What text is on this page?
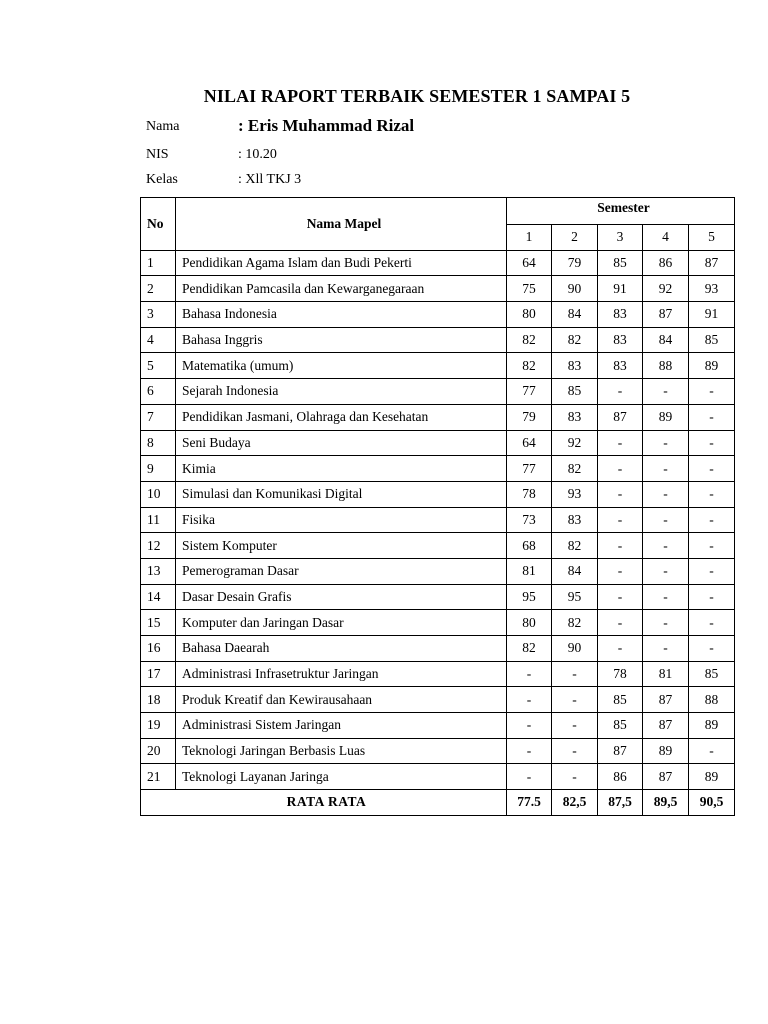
NILAI RAPORT TERBAIK SEMESTER 1 SAMPAI 5
Nama	: Eris Muhammad Rizal
NIS	: 10.20
Kelas	: Xll TKJ 3
No	Nama Mapel	Semester				
		1	2	3	4	5
1	Pendidikan Agama Islam dan Budi Pekerti	64	79	85	86	87
2	Pendidikan Pamcasila dan Kewarganegaraan	75	90	91	92	93
3	Bahasa Indonesia	80	84	83	87	91
4	Bahasa Inggris	82	82	83	84	85
5	Matematika (umum)	82	83	83	88	89
6	Sejarah Indonesia	77	85	-	-	-
7	Pendidikan Jasmani, Olahraga dan Kesehatan	79	83	87	89	-
8	Seni Budaya	64	92	-	-	-
9	Kimia	77	82	-	-	-
10	Simulasi dan Komunikasi Digital	78	93	-	-	-
11	Fisika	73	83	-	-	-
12	Sistem Komputer	68	82	-	-	-
13	Pemerograman Dasar	81	84	-	-	-
14	Dasar Desain Grafis	95	95	-	-	-
15	Komputer dan Jaringan Dasar	80	82	-	-	-
16	Bahasa Daearah	82	90	-	-	-
17	Administrasi Infrasetruktur Jaringan	-	-	78	81	85
18	Produk Kreatif dan Kewirausahaan	-	-	85	87	88
19	Administrasi Sistem Jaringan	-	-	85	87	89
20	Teknologi Jaringan Berbasis Luas	-	-	87	89	-
21	Teknologi Layanan Jaringa	-	-	86	87	89
RATA RATA		77.5	82,5	87,5	89,5	90,5
